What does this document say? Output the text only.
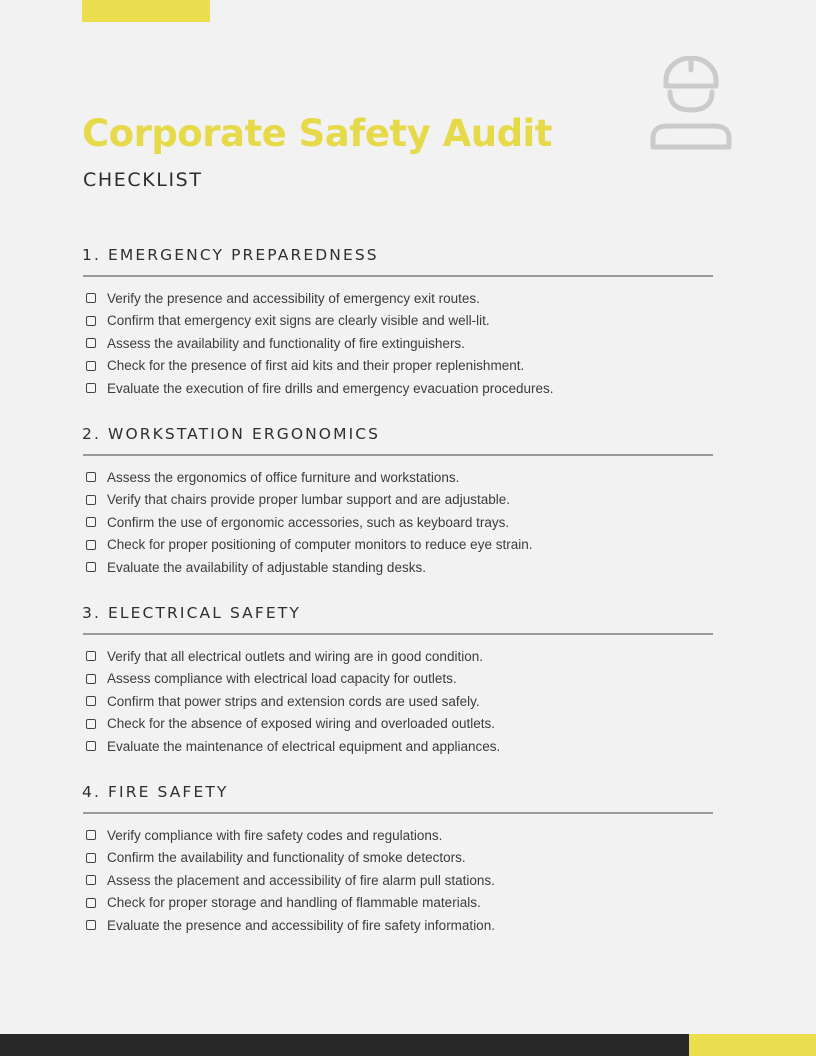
Corporate Safety Audit
CHECKLIST
1. EMERGENCY PREPAREDNESS
Verify the presence and accessibility of emergency exit routes.
Confirm that emergency exit signs are clearly visible and well-lit.
Assess the availability and functionality of fire extinguishers.
Check for the presence of first aid kits and their proper replenishment.
Evaluate the execution of fire drills and emergency evacuation procedures.
2. WORKSTATION ERGONOMICS
Assess the ergonomics of office furniture and workstations.
Verify that chairs provide proper lumbar support and are adjustable.
Confirm the use of ergonomic accessories, such as keyboard trays.
Check for proper positioning of computer monitors to reduce eye strain.
Evaluate the availability of adjustable standing desks.
3. ELECTRICAL SAFETY
Verify that all electrical outlets and wiring are in good condition.
Assess compliance with electrical load capacity for outlets.
Confirm that power strips and extension cords are used safely.
Check for the absence of exposed wiring and overloaded outlets.
Evaluate the maintenance of electrical equipment and appliances.
4. FIRE SAFETY
Verify compliance with fire safety codes and regulations.
Confirm the availability and functionality of smoke detectors.
Assess the placement and accessibility of fire alarm pull stations.
Check for proper storage and handling of flammable materials.
Evaluate the presence and accessibility of fire safety information.
